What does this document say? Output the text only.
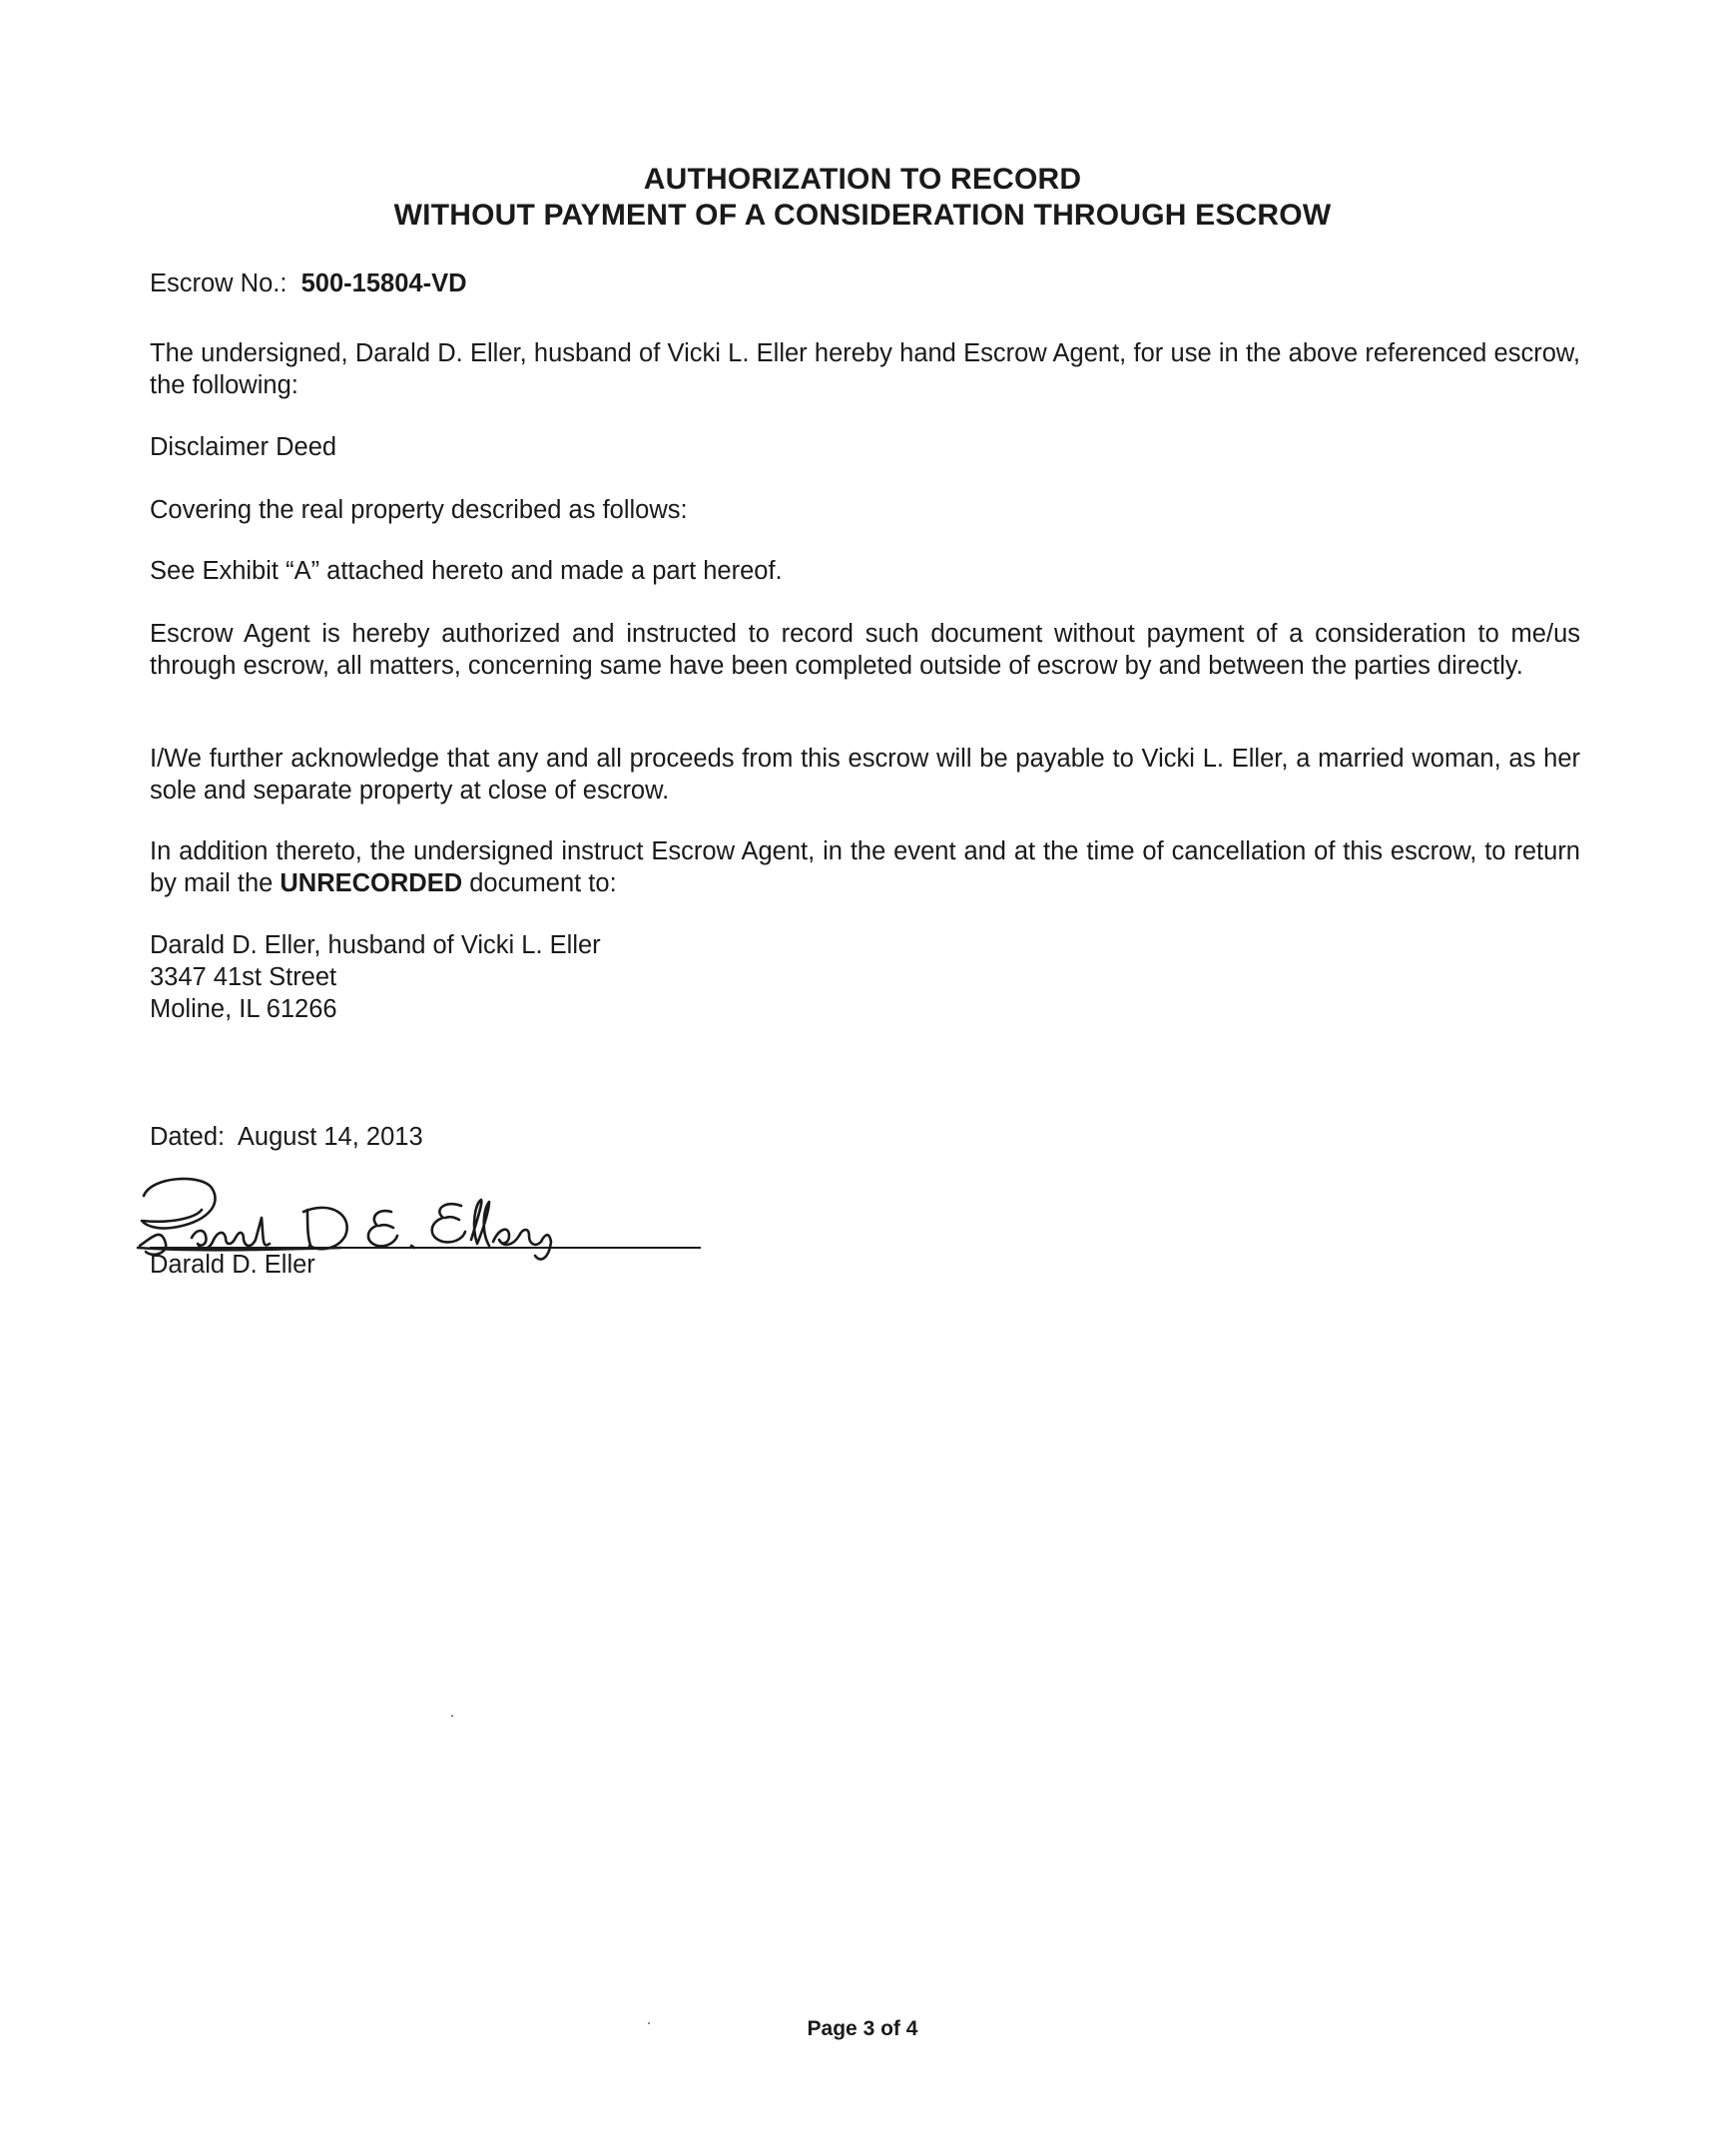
AUTHORIZATION TO RECORD
WITHOUT PAYMENT OF A CONSIDERATION THROUGH ESCROW
Escrow No.: 500-15804-VD
The undersigned, Darald D. Eller, husband of Vicki L. Eller hereby hand Escrow Agent, for use in the above referenced escrow, the following:
Disclaimer Deed
Covering the real property described as follows:
See Exhibit “A” attached hereto and made a part hereof.
Escrow Agent is hereby authorized and instructed to record such document without payment of a consideration to me/us through escrow, all matters, concerning same have been completed outside of escrow by and between the parties directly.
I/We further acknowledge that any and all proceeds from this escrow will be payable to Vicki L. Eller, a married woman, as her sole and separate property at close of escrow.
In addition thereto, the undersigned instruct Escrow Agent, in the event and at the time of cancellation of this escrow, to return by mail the UNRECORDED document to:
Darald D. Eller, husband of Vicki L. Eller
3347 41st Street
Moline, IL 61266
Dated: August 14, 2013
Darald D. Eller
Page 3 of 4
